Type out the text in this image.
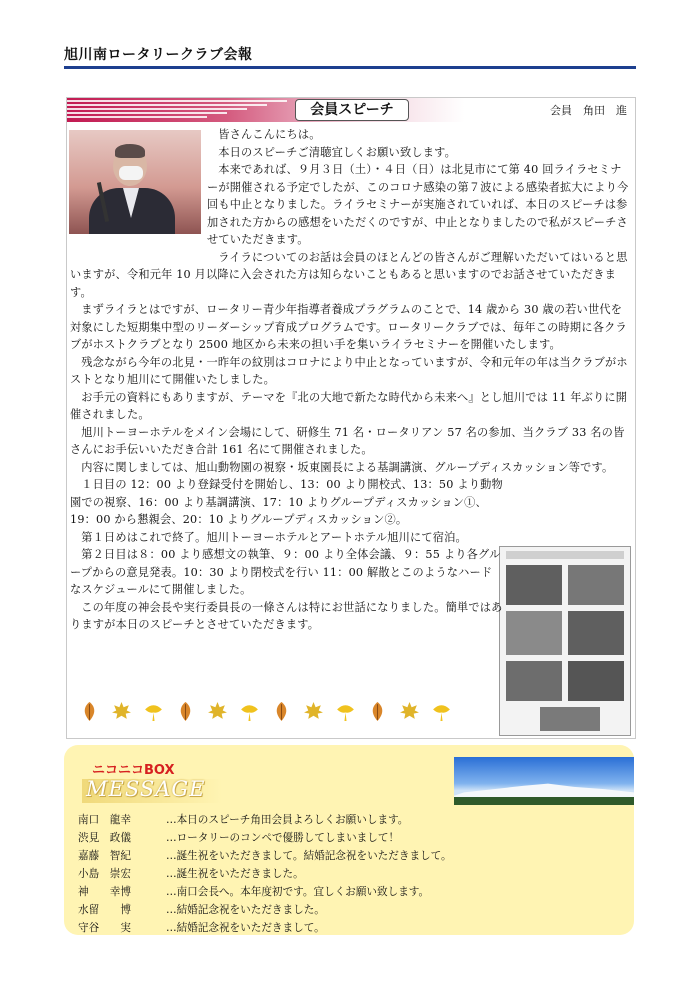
旭川南ロータリークラブ会報
会員スピーチ	会員　角田　進

皆さんこんにちは。

本日のスピーチご清聴宜しくお願い致します。

本来であれば、９月３日（土）・４日（日）は北見市にて第 40 回ライラセミナーが開催される予定でしたが、このコロナ感染の第７波による感染者拡大により今回も中止となりました。ライラセミナーが実施されていれば、本日のスピーチは参加された方からの感想をいただくのですが、中止となりましたので私がスピーチさせていただきます。

ライラについてのお話は会員のほとんどの皆さんがご理解いただいてはいると思いますが、令和元年 10 月以降に入会された方は知らないこともあると思いますのでお話させていただきます。

まずライラとはですが、ロータリー青少年指導者養成プラグラムのことで、14 歳から 30 歳の若い世代を対象にした短期集中型のリーダーシップ育成プログラムです。ロータリークラブでは、毎年この時期に各クラブがホストクラブとなり 2500 地区から未来の担い手を集いライラセミナーを開催いたします。

残念ながら今年の北見・一昨年の紋別はコロナにより中止となっていますが、令和元年の年は当クラブがホストとなり旭川にて開催いたしました。

お手元の資料にもありますが、テーマを『北の大地で新たな時代から未来へ』とし旭川では 11 年ぶりに開催されました。

旭川トーヨーホテルをメイン会場にして、研修生 71 名・ロータリアン 57 名の参加、当クラブ 33 名の皆さんにお手伝いいただき合計 161 名にて開催されました。

内容に関しましては、旭山動物園の視察・坂東園長による基調講演、グループディスカッション等です。

１日目の 12：00 より登録受付を開始し、13：00 より開校式、13：50 より動物園での視察、16：00 より基調講演、17：10 よりグループディスカッション①、19：00 から懇親会、20：10 よりグループディスカッション②。

第１日めはこれで終了。旭川トーヨーホテルとアートホテル旭川にて宿泊。

第２日目は８：00 より感想文の執筆、９：00 より全体会議、９：55 より各グループからの意見発表。10：30 より閉校式を行い 11：00 解散とこのようなハードなスケジュールにて開催しました。

この年度の神会長や実行委員長の一條さんは特にお世話になりました。簡単ではありますが本日のスピーチとさせていただきます。

ニコニコBOX
MESSAGE
南口　龍幸	…本日のスピーチ角田会員よろしくお願いします。
渋見　政儀	…ロータリーのコンペで優勝してしまいまして！
嘉藤　智紀	…誕生祝をいただきまして。結婚記念祝をいただきまして。
小島　崇宏	…誕生祝をいただきました。
神　　幸博	…南口会長へ。本年度初です。宜しくお願い致します。
水留　　博	…結婚記念祝をいただきました。
守谷　　実	…結婚記念祝をいただきまして。
